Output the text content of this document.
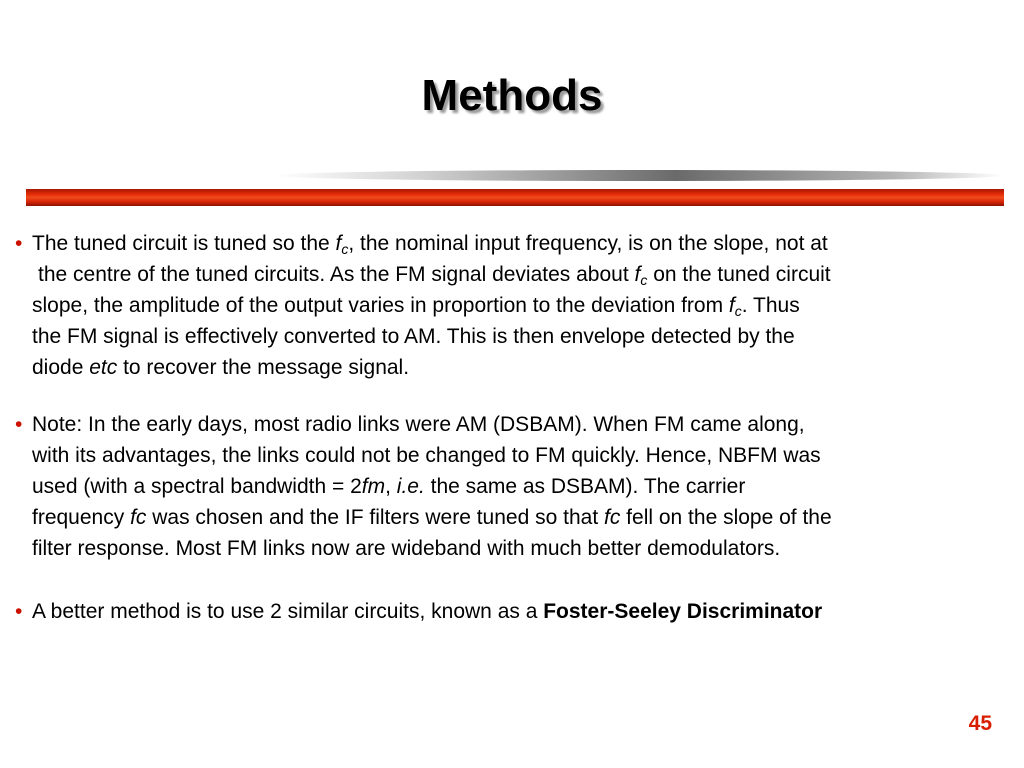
Methods
• The tuned circuit is tuned so the $f_c$, the nominal input frequency, is on the slope, not at
the centre of the tuned circuits. As the FM signal deviates about $f_c$ on the tuned circuit
slope, the amplitude of the output varies in proportion to the deviation from $f_c$. Thus
the FM signal is effectively converted to AM. This is then envelope detected by the
diode etc to recover the message signal.
• Note: In the early days, most radio links were AM (DSBAM). When FM came along,
with its advantages, the links could not be changed to FM quickly. Hence, NBFM was
used (with a spectral bandwidth = 2fm, i.e. the same as DSBAM). The carrier
frequency fc was chosen and the IF filters were tuned so that fc fell on the slope of the
filter response. Most FM links now are wideband with much better demodulators.
• A better method is to use 2 similar circuits, known as a Foster-Seeley Discriminator
45
